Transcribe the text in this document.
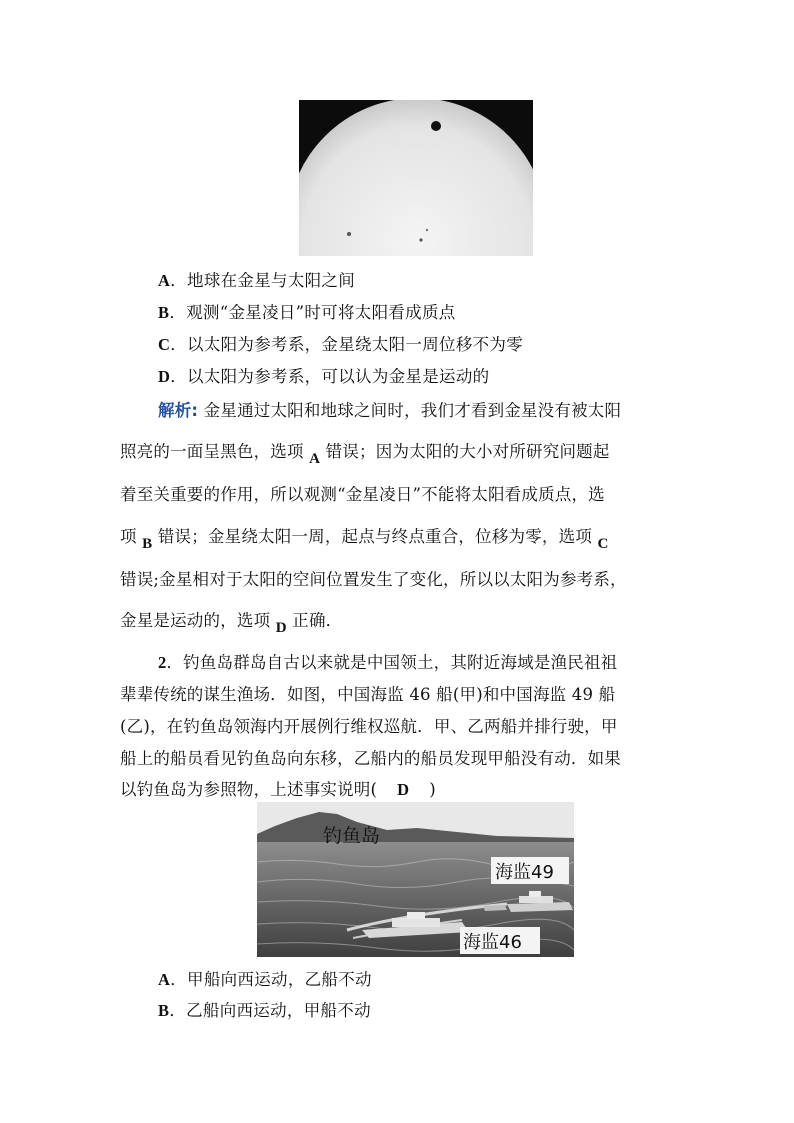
A．地球在金星与太阳之间
B．观测“金星凌日”时可将太阳看成质点
C．以太阳为参考系，金星绕太阳一周位移不为零
D．以太阳为参考系，可以认为金星是运动的
解析: 金星通过太阳和地球之间时，我们才看到金星没有被太阳
照亮的一面呈黑色，选项 A 错误；因为太阳的大小对所研究问题起
着至关重要的作用，所以观测“金星凌日”不能将太阳看成质点，选
项 B 错误；金星绕太阳一周，起点与终点重合，位移为零，选项 C
错误;金星相对于太阳的空间位置发生了变化，所以以太阳为参考系，
金星是运动的，选项 D 正确．
2．钓鱼岛群岛自古以来就是中国领土，其附近海域是渔民祖祖
辈辈传统的谋生渔场．如图，中国海监 46 船(甲)和中国海监 49 船
(乙)，在钓鱼岛领海内开展例行维权巡航．甲、乙两船并排行驶，甲
船上的船员看见钓鱼岛向东移，乙船内的船员发现甲船没有动．如果
以钓鱼岛为参照物，上述事实说明( D )
钓鱼岛
海监49
海监46
A．甲船向西运动，乙船不动
B．乙船向西运动，甲船不动
